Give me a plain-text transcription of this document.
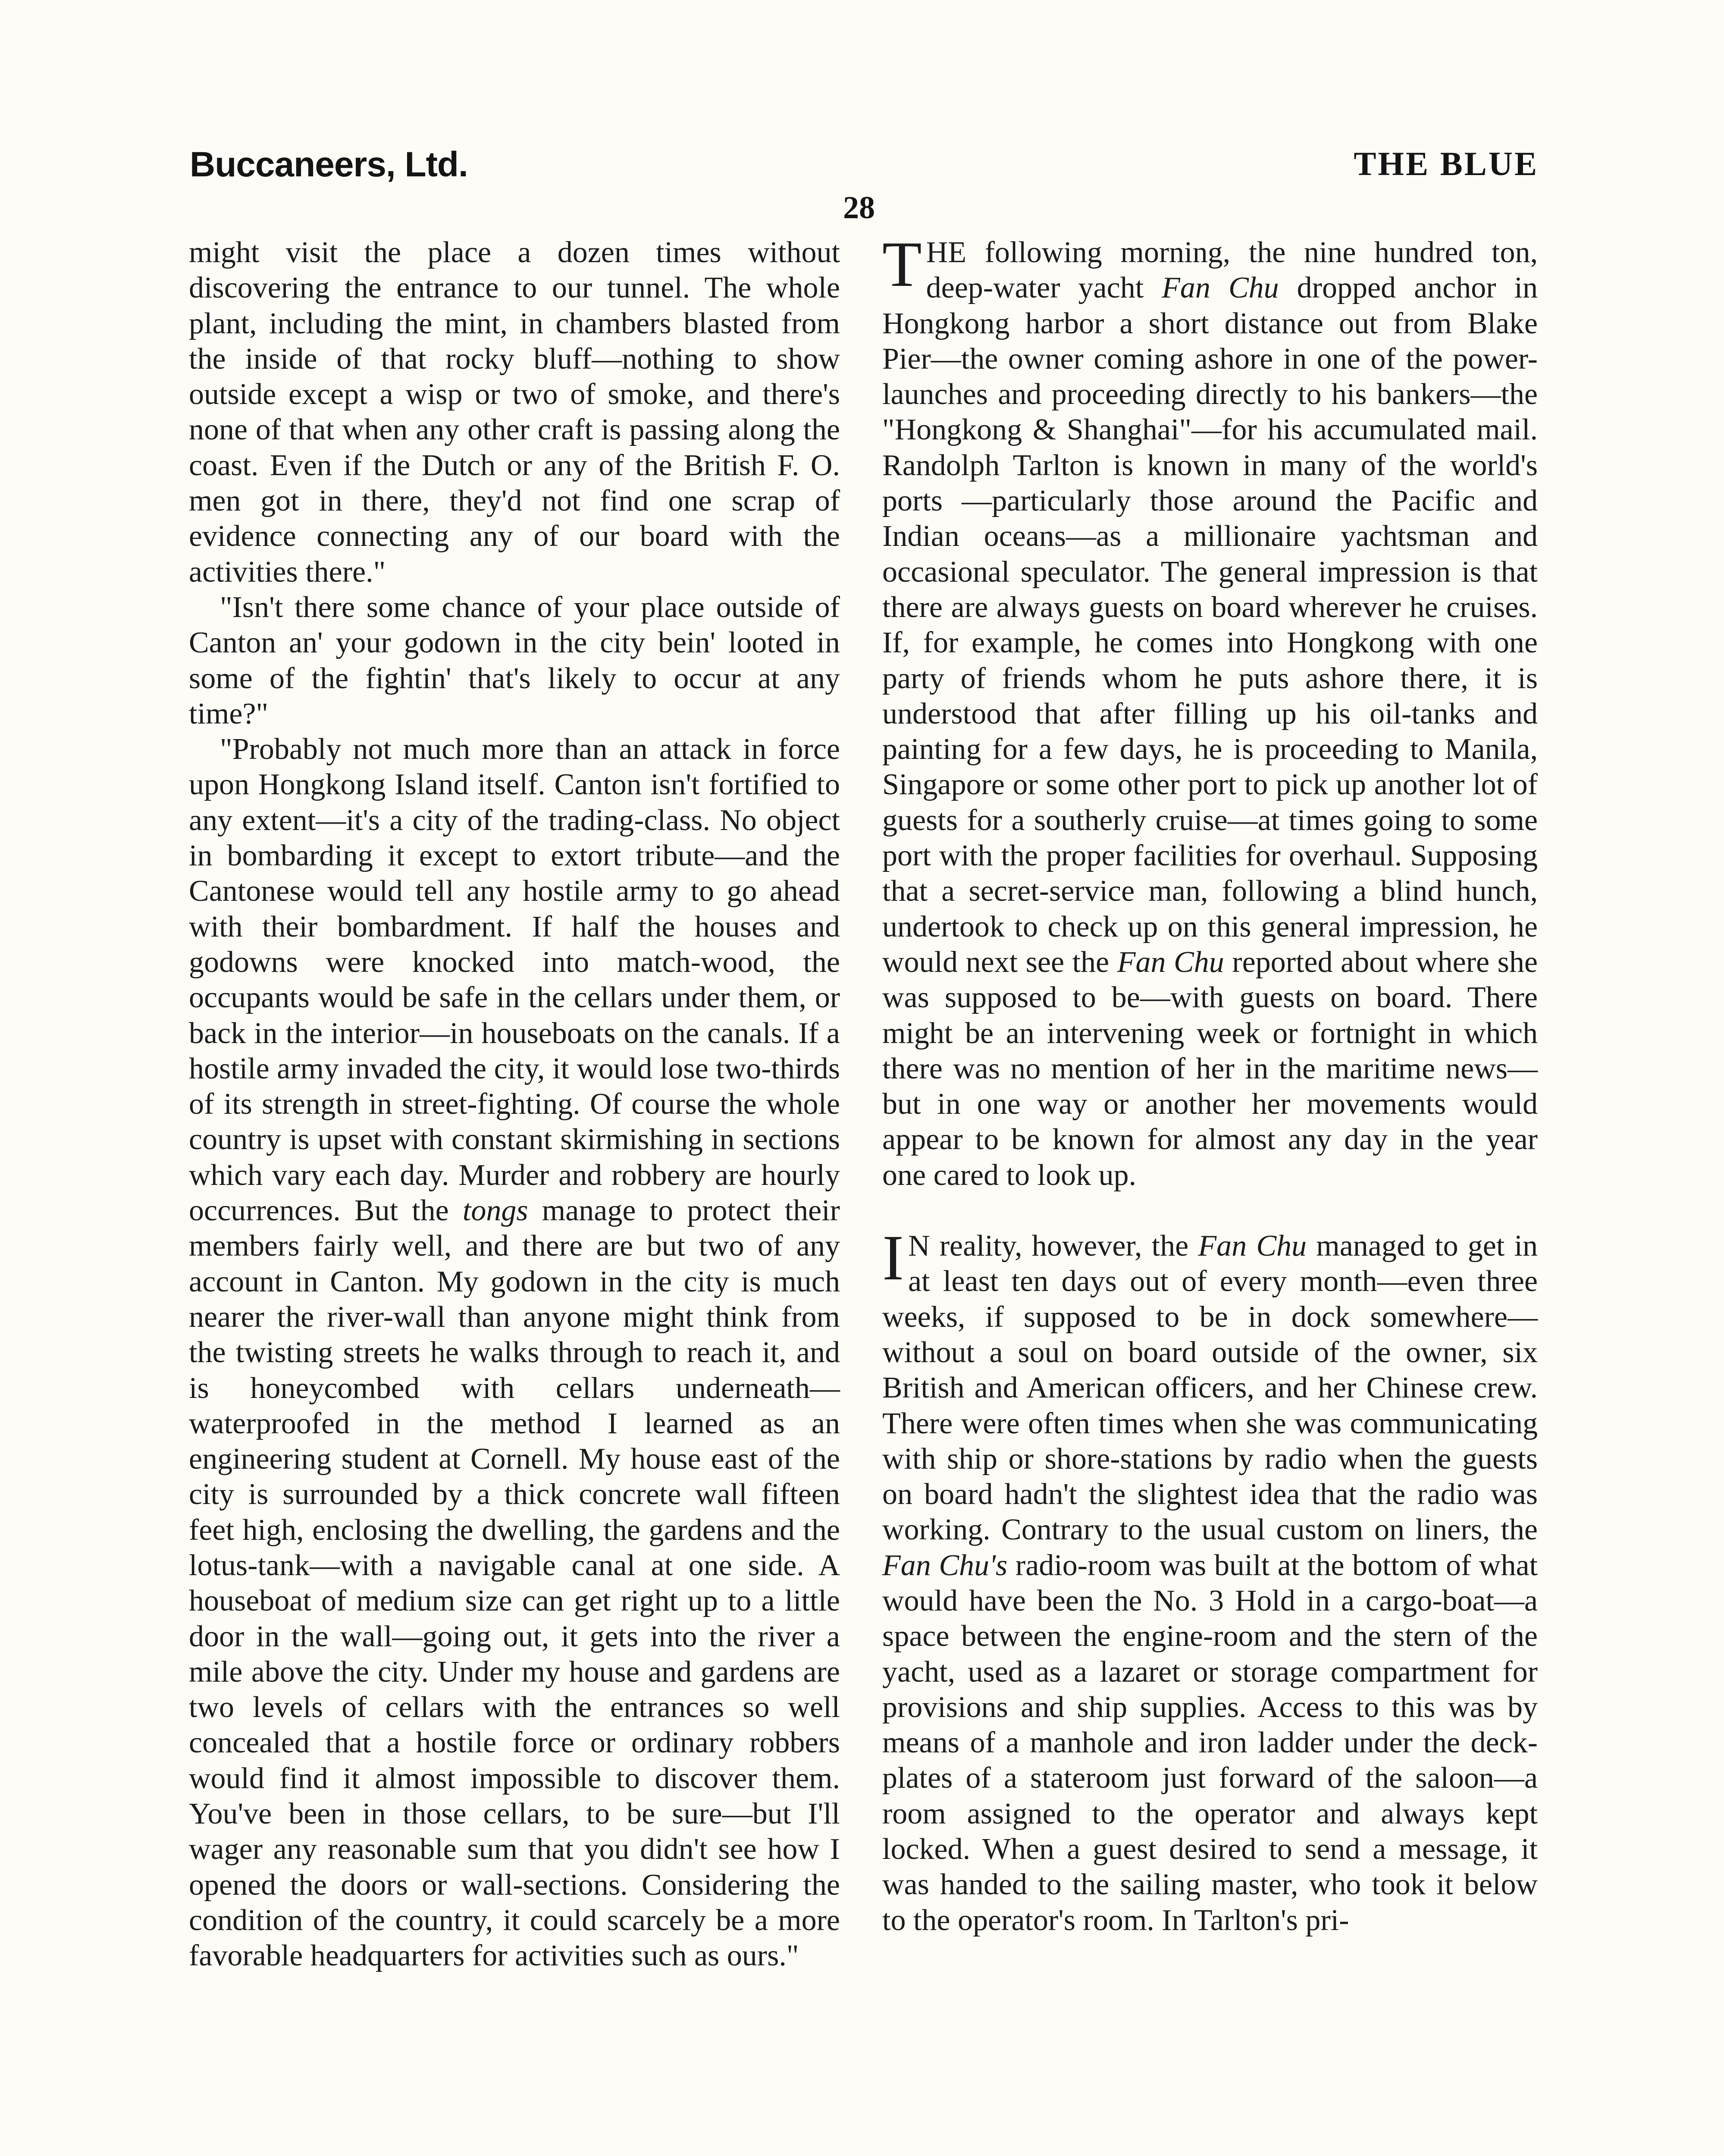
Buccaneers, Ltd.	THE BLUE
28

might visit the place a dozen times without discovering the entrance to our tunnel. The whole plant, including the mint, in chambers blasted from the inside of that rocky bluff—nothing to show outside except a wisp or two of smoke, and there's none of that when any other craft is passing along the coast. Even if the Dutch or any of the British F. O. men got in there, they'd not find one scrap of evidence connecting any of our board with the activities there."

"Isn't there some chance of your place outside of Canton an' your godown in the city bein' looted in some of the fightin' that's likely to occur at any time?"

"Probably not much more than an attack in force upon Hongkong Island itself. Canton isn't fortified to any extent—it's a city of the trading-class. No object in bombarding it except to extort tribute—and the Cantonese would tell any hostile army to go ahead with their bombardment. If half the houses and godowns were knocked into match-wood, the occupants would be safe in the cellars under them, or back in the interior—in houseboats on the canals. If a hostile army invaded the city, it would lose two-thirds of its strength in street-fighting. Of course the whole country is upset with constant skirmishing in sections which vary each day. Murder and robbery are hourly occurrences. But the tongs manage to protect their members fairly well, and there are but two of any account in Canton. My godown in the city is much nearer the river-wall than anyone might think from the twisting streets he walks through to reach it, and is honeycombed with cellars underneath—waterproofed in the method I learned as an engineering student at Cornell. My house east of the city is surrounded by a thick concrete wall fifteen feet high, enclosing the dwelling, the gardens and the lotus-tank—with a navigable canal at one side. A houseboat of medium size can get right up to a little door in the wall—going out, it gets into the river a mile above the city. Under my house and gardens are two levels of cellars with the entrances so well concealed that a hostile force or ordinary robbers would find it almost impossible to discover them. You've been in those cellars, to be sure—but I'll wager any reasonable sum that you didn't see how I opened the doors or wall-sections. Considering the condition of the country, it could scarcely be a more favorable headquarters for activities such as ours."

THE following morning, the nine hundred ton, deep-water yacht Fan Chu dropped anchor in Hongkong harbor a short distance out from Blake Pier—the owner coming ashore in one of the power-launches and proceeding directly to his bankers—the "Hongkong & Shanghai"—for his accumulated mail. Randolph Tarlton is known in many of the world's ports —particularly those around the Pacific and Indian oceans—as a millionaire yachtsman and occasional speculator. The general impression is that there are always guests on board wherever he cruises. If, for example, he comes into Hongkong with one party of friends whom he puts ashore there, it is understood that after filling up his oil-tanks and painting for a few days, he is proceeding to Manila, Singapore or some other port to pick up another lot of guests for a southerly cruise—at times going to some port with the proper facilities for overhaul. Supposing that a secret-service man, following a blind hunch, undertook to check up on this general impression, he would next see the Fan Chu reported about where she was supposed to be—with guests on board. There might be an intervening week or fortnight in which there was no mention of her in the maritime news—but in one way or another her movements would appear to be known for almost any day in the year one cared to look up.

I N reality, however, the Fan Chu managed to get in at least ten days out of every month—even three weeks, if supposed to be in dock somewhere—without a soul on board outside of the owner, six British and American officers, and her Chinese crew. There were often times when she was communicating with ship or shore-stations by radio when the guests on board hadn't the slightest idea that the radio was working. Contrary to the usual custom on liners, the Fan Chu's radio-room was built at the bottom of what would have been the No. 3 Hold in a cargo-boat—a space between the engine-room and the stern of the yacht, used as a lazaret or storage compartment for provisions and ship supplies. Access to this was by means of a manhole and iron ladder under the deck-plates of a stateroom just forward of the saloon—a room assigned to the operator and always kept locked. When a guest desired to send a message, it was handed to the sailing master, who took it below to the operator's room. In Tarlton's pri-
